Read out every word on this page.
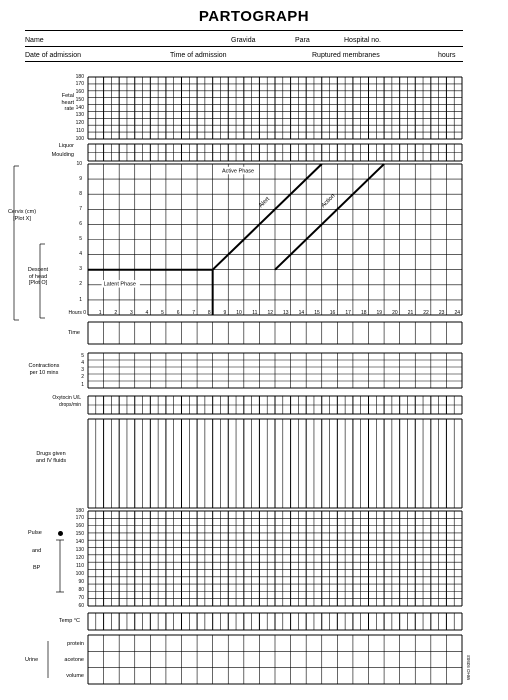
PARTOGRAPH
Name	Gravida	Para	Hospital no.
Date of admission	Time of admission	Ruptured membranes	hours
Fetal
heart
rate
Liquor
Moulding
Cervix (cm)
[Plot X]
Descent
of head
[Plot O]
Time
Contractions
per 10 mins
Oxytocin U/L
drops/min
Drugs given
and IV fluids
Pulse
and
BP
Temp °C
Urine
protein
acetone
volume	WHO 93503
180
170
160
150
140
130
120
110
100
10
9
8
7
6
5
4
3
2
1
5
4
3
2
1
180
170
160
150
140
130
120
110
100
90
80
70
60
Active Phase
Latent Phase
Alert	Action
1	2	3	4	5	6	7	8	9 10 11 12 13 14 15 16 17 18 19 20 21 22 23 24
Hours 0
